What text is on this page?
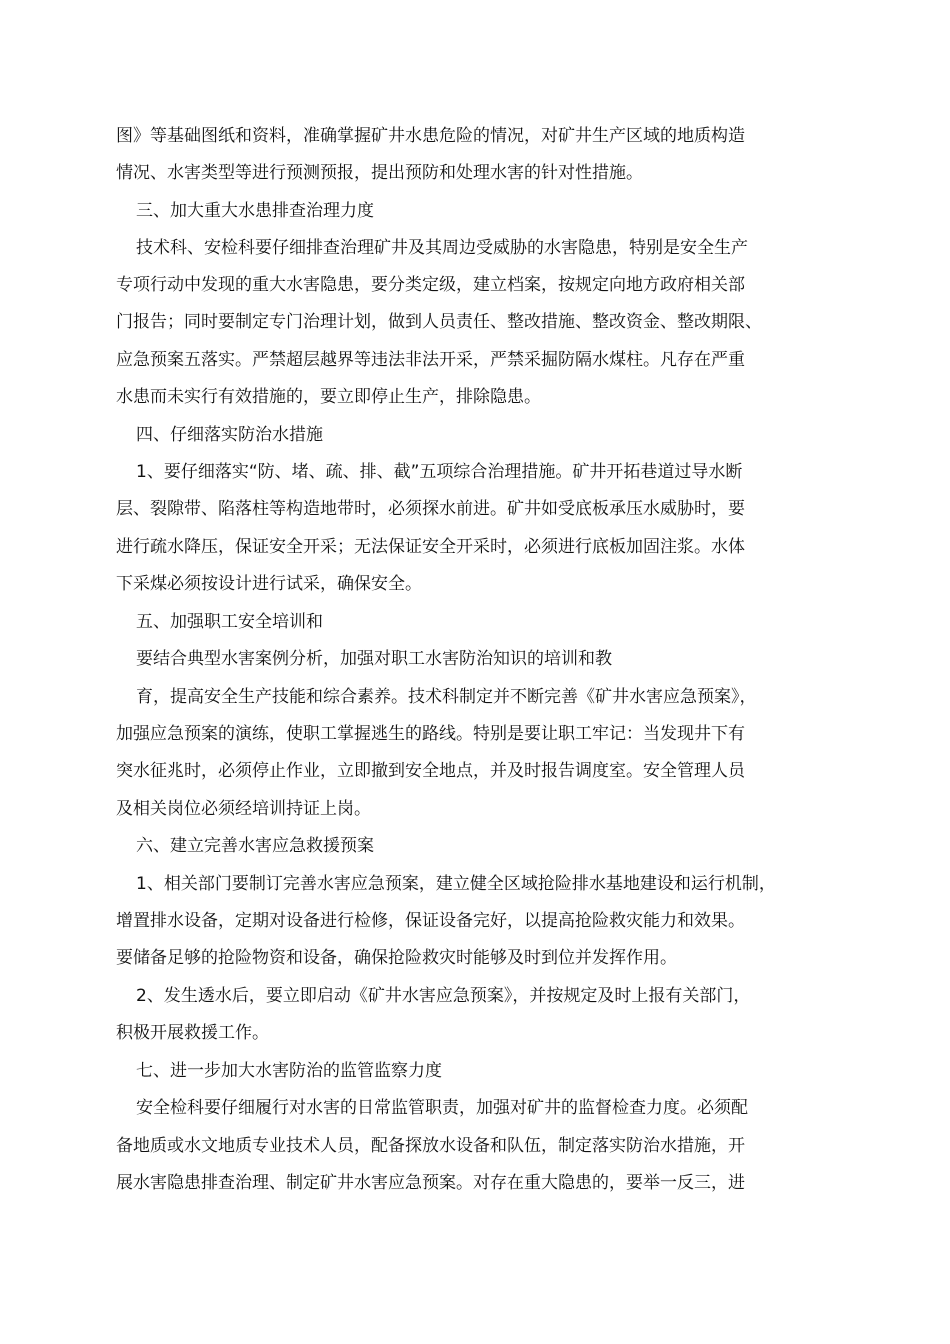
图》等基础图纸和资料，准确掌握矿井水患危险的情况，对矿井生产区域的地质构造

情况、水害类型等进行预测预报，提出预防和处理水害的针对性措施。

三、加大重大水患排查治理力度

技术科、安检科要仔细排查治理矿井及其周边受威胁的水害隐患，特别是安全生产

专项行动中发现的重大水害隐患，要分类定级，建立档案，按规定向地方政府相关部

门报告；同时要制定专门治理计划，做到人员责任、整改措施、整改资金、整改期限、

应急预案五落实。严禁超层越界等违法非法开采，严禁采掘防隔水煤柱。凡存在严重

水患而未实行有效措施的，要立即停止生产，排除隐患。

四、仔细落实防治水措施

1、要仔细落实“防、堵、疏、排、截”五项综合治理措施。矿井开拓巷道过导水断

层、裂隙带、陷落柱等构造地带时，必须探水前进。矿井如受底板承压水威胁时，要

进行疏水降压，保证安全开采；无法保证安全开采时，必须进行底板加固注浆。水体

下采煤必须按设计进行试采，确保安全。

五、加强职工安全培训和

要结合典型水害案例分析，加强对职工水害防治知识的培训和教

育，提高安全生产技能和综合素养。技术科制定并不断完善《矿井水害应急预案》，

加强应急预案的演练，使职工掌握逃生的路线。特别是要让职工牢记：当发现井下有

突水征兆时，必须停止作业，立即撤到安全地点，并及时报告调度室。安全管理人员

及相关岗位必须经培训持证上岗。

六、建立完善水害应急救援预案

1、相关部门要制订完善水害应急预案，建立健全区域抢险排水基地建设和运行机制，

增置排水设备，定期对设备进行检修，保证设备完好，以提高抢险救灾能力和效果。

要储备足够的抢险物资和设备，确保抢险救灾时能够及时到位并发挥作用。

2、发生透水后，要立即启动《矿井水害应急预案》，并按规定及时上报有关部门，

积极开展救援工作。

七、进一步加大水害防治的监管监察力度

安全检科要仔细履行对水害的日常监管职责，加强对矿井的监督检查力度。必须配

备地质或水文地质专业技术人员，配备探放水设备和队伍，制定落实防治水措施，开

展水害隐患排查治理、制定矿井水害应急预案。对存在重大隐患的，要举一反三，进
